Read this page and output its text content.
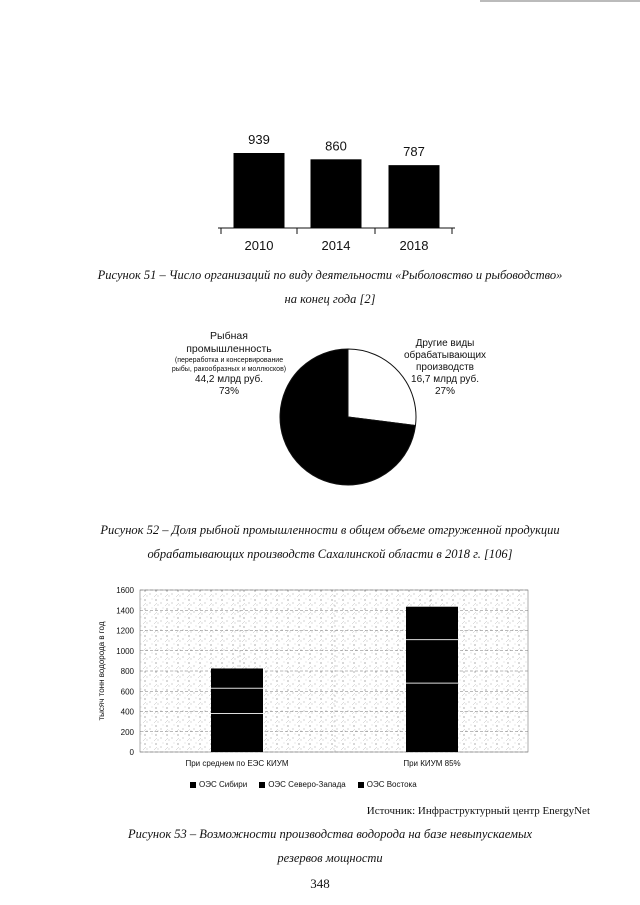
939
2010
860
2014
787
2018
Рисунок 51 – Число организаций по виду деятельности «Рыболовство и рыбоводство»
на конец года [2]
Рыбная промышленность
(переработка и консервирование рыбы, ракообразных и моллюсков)
44,2 млрд руб.
73%
Другие виды обрабатывающих производств
16,7 млрд руб.
27%
Рисунок 52 – Доля рыбной промышленности в общем объеме отгруженной продукции
обрабатывающих производств Сахалинской области в 2018 г. [106]
0
200
400
600
800
1000
1200
1400
1600
тысяч тонн водорода в год
При среднем по ЕЭС КИУМ	При КИУМ 85%
ОЭС Сибири	ОЭС Северо-Запада	ОЭС Востока
Источник: Инфраструктурный центр EnergyNet
Рисунок 53 – Возможности производства водорода на базе невыпускаемых
резервов мощности
348
